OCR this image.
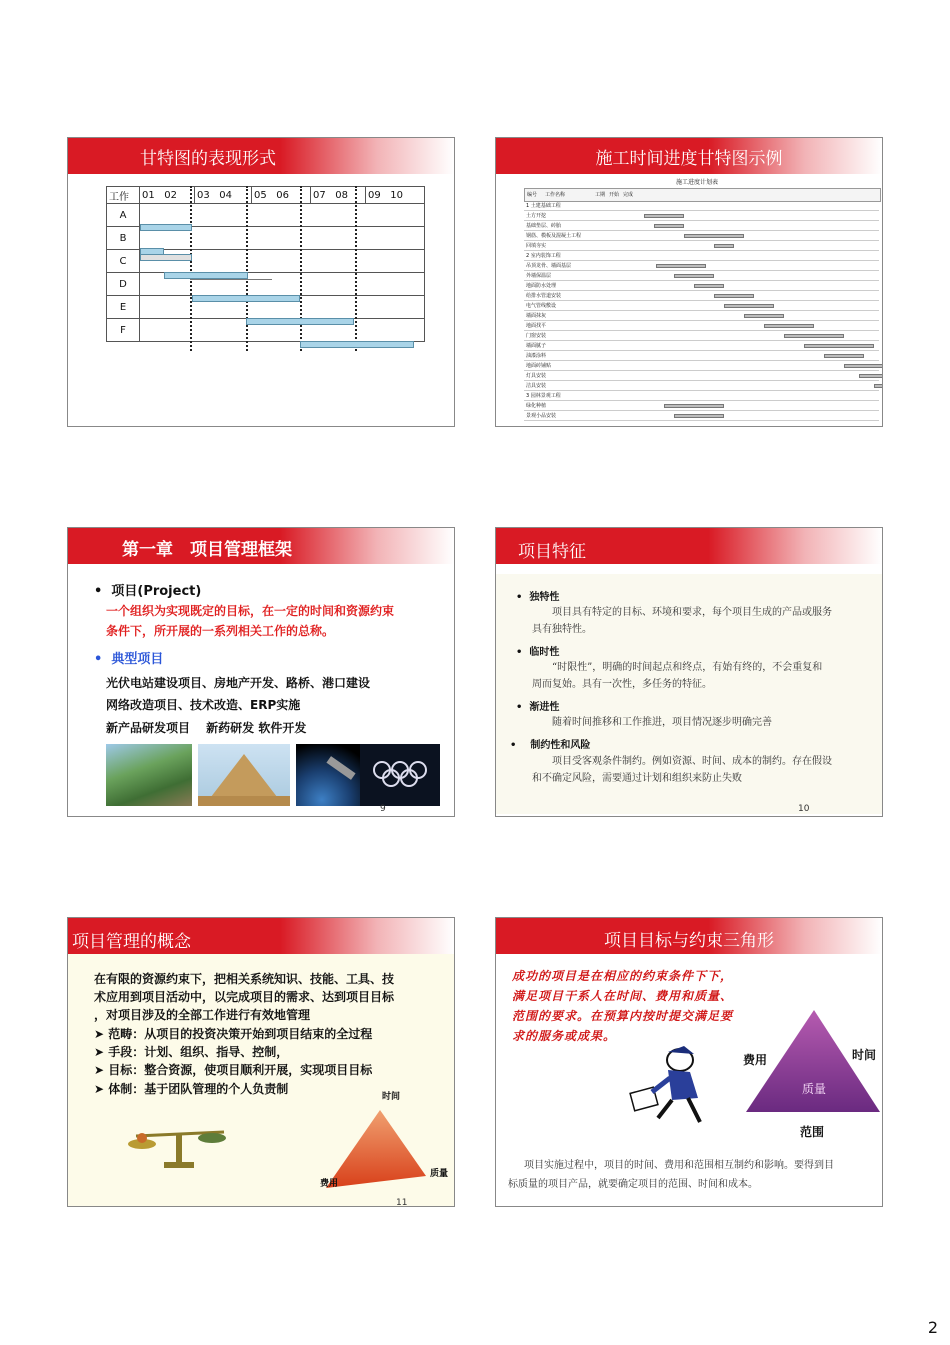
甘特图的表现形式
工作	01 02	03 04	05 06	07 08	09 10
A					
B					
C					
D					
E					
F					
施工时间进度甘特图示例
施工进度计划表
编号 工作名称	工期 开始 完成
1 土建基础工程
土方开挖
基础垫层、砖胎
钢筋、模板及混凝土工程
回填夯实
2 室内装饰工程
吊顶龙骨、墙面基层
外墙保温层
地面防水处理
给排水管道安装
电气管线敷设
墙面抹灰
地面找平
门窗安装
墙面腻子
油漆涂料
地面砖铺贴
灯具安装
洁具安装
3 园林景观工程
绿化种植
景观小品安装
第一章　项目管理框架
•  项目(Project)
一个组织为实现既定的目标，在一定的时间和资源约束
条件下，所开展的一系列相关工作的总称。
•  典型项目
光伏电站建设项目、房地产开发、路桥、港口建设
网络改造项目、技术改造、ERP实施
新产品研发项目　 新药研发 软件开发
9
项目特征
•  独特性
项目具有特定的目标、环境和要求，每个项目生成的产品或服务
具有独特性。
•  临时性
“时限性”，明确的时间起点和终点，有始有终的，不会重复和
周而复始。具有一次性，多任务的特征。
•  渐进性
随着时间推移和工作推进，项目情况逐步明确完善
•    制约性和风险
项目受客观条件制约。例如资源、时间、成本的制约。存在假设
和不确定风险，需要通过计划和组织来防止失败
10
项目管理的概念
在有限的资源约束下，把相关系统知识、技能、工具、技
术应用到项目活动中，以完成项目的需求、达到项目目标
，对项目涉及的全部工作进行有效地管理
➤ 范畴：从项目的投资决策开始到项目结束的全过程
➤ 手段：计划、组织、指导、控制，
➤ 目标：整合资源，使项目顺利开展，实现项目目标
➤ 体制：基于团队管理的个人负责制
时间
费用
质量
11
项目目标与约束三角形
成功的项目是在相应的约束条件下下，
满足项目干系人在时间、费用和质量、
范围的要求。在预算内按时提交满足要
求的服务或成果。
费用	时间
质量
范围
项目实施过程中，项目的时间、费用和范围相互制约和影响。要得到目
标质量的项目产品，就要确定项目的范围、时间和成本。
2
